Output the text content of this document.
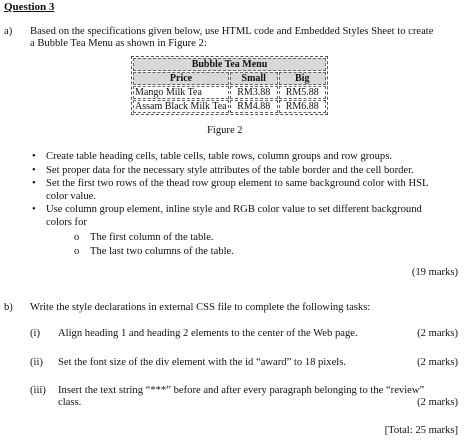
Question 3
a) Based on the specifications given below, use HTML code and Embedded Styles Sheet to create
a Bubble Tea Menu as shown in Figure 2:
Bubble Tea Menu		
Price	Small	Big
Mango Milk Tea	RM3.88	RM5.88
Assam Black Milk Tea	RM4.88	RM6.88
Figure 2
• Create table heading cells, table cells, table rows, column groups and row groups.
• Set proper data for the necessary style attributes of the table border and the cell border.
• Set the first two rows of the thead row group element to same background color with HSL
color value.
• Use column group element, inline style and RGB color value to set different background
colors for
o The first column of the table.
o The last two columns of the table.
(19 marks)
b) Write the style declarations in external CSS file to complete the following tasks:
(i) Align heading 1 and heading 2 elements to the center of the Web page.	(2 marks)
(ii) Set the font size of the div element with the id “award” to 18 pixels.	(2 marks)
(iii) Insert the text string “***” before and after every paragraph belonging to the “review”
class.	(2 marks)
[Total: 25 marks]
